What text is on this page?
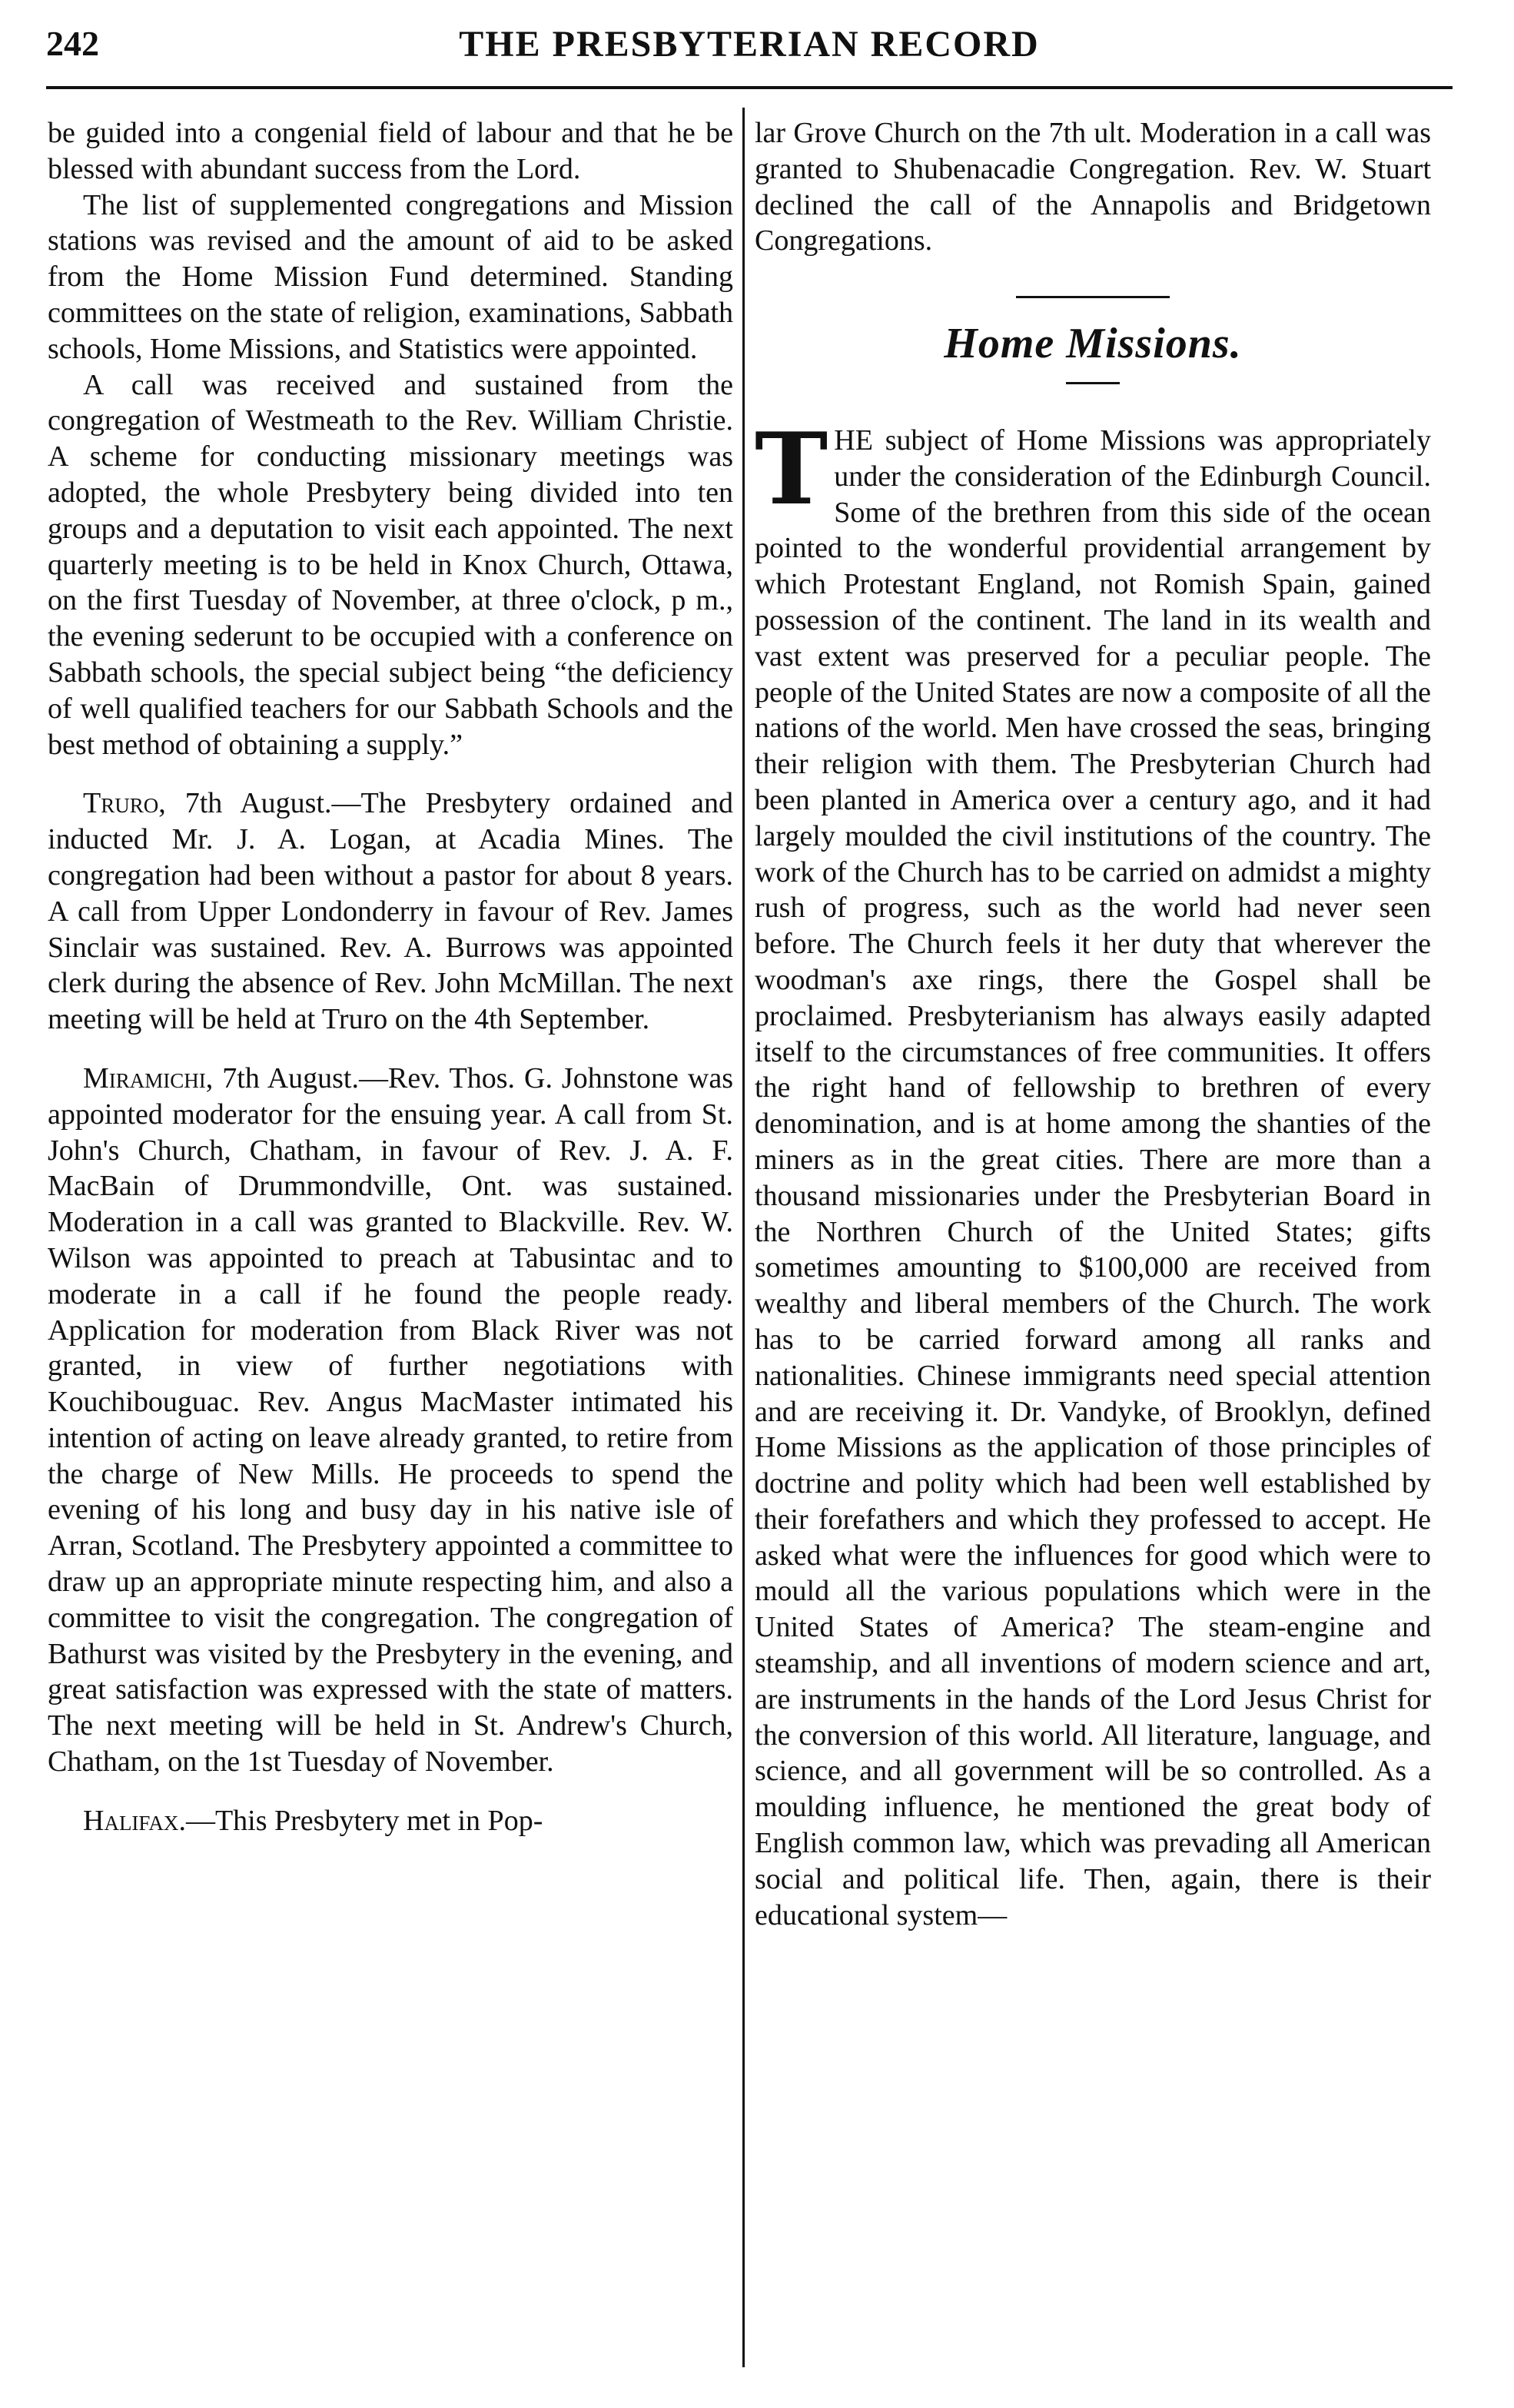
242	THE PRESBYTERIAN RECORD

be guided into a congenial field of labour and that he be blessed with abundant success from the Lord.

The list of supplemented congregations and Mission stations was revised and the amount of aid to be asked from the Home Mission Fund determined. Standing committees on the state of religion, examinations, Sabbath schools, Home Missions, and Statistics were appointed.

A call was received and sustained from the congregation of Westmeath to the Rev. William Christie. A scheme for conducting missionary meetings was adopted, the whole Presbytery being divided into ten groups and a deputation to visit each appointed. The next quarterly meeting is to be held in Knox Church, Ottawa, on the first Tuesday of November, at three o'clock, p m., the evening sederunt to be occupied with a conference on Sabbath schools, the special subject being “the deficiency of well qualified teachers for our Sabbath Schools and the best method of obtaining a supply.”

Truro, 7th August.—The Presbytery ordained and inducted Mr. J. A. Logan, at Acadia Mines. The congregation had been without a pastor for about 8 years. A call from Upper Londonderry in favour of Rev. James Sinclair was sustained. Rev. A. Burrows was appointed clerk during the absence of Rev. John McMillan. The next meeting will be held at Truro on the 4th September.

Miramichi, 7th August.—Rev. Thos. G. Johnstone was appointed moderator for the ensuing year. A call from St. John's Church, Chatham, in favour of Rev. J. A. F. MacBain of Drummondville, Ont. was sustained. Moderation in a call was granted to Blackville. Rev. W. Wilson was appointed to preach at Tabusintac and to moderate in a call if he found the people ready. Application for moderation from Black River was not granted, in view of further negotiations with Kouchibouguac. Rev. Angus MacMaster intimated his intention of acting on leave already granted, to retire from the charge of New Mills. He proceeds to spend the evening of his long and busy day in his native isle of Arran, Scotland. The Presbytery appointed a committee to draw up an appropriate minute respecting him, and also a committee to visit the congregation. The congregation of Bathurst was visited by the Presbytery in the evening, and great satisfaction was expressed with the state of matters. The next meeting will be held in St. Andrew's Church, Chatham, on the 1st Tuesday of November.

Halifax.—This Presbytery met in Pop-

lar Grove Church on the 7th ult. Moderation in a call was granted to Shubenacadie Congregation. Rev. W. Stuart declined the call of the Annapolis and Bridgetown Congregations.

Home Missions.

THE subject of Home Missions was appropriately under the consideration of the Edinburgh Council. Some of the brethren from this side of the ocean pointed to the wonderful providential arrangement by which Protestant England, not Romish Spain, gained possession of the continent. The land in its wealth and vast extent was preserved for a peculiar people. The people of the United States are now a composite of all the nations of the world. Men have crossed the seas, bringing their religion with them. The Presbyterian Church had been planted in America over a century ago, and it had largely moulded the civil institutions of the country. The work of the Church has to be carried on admidst a mighty rush of progress, such as the world had never seen before. The Church feels it her duty that wherever the woodman's axe rings, there the Gospel shall be proclaimed. Presbyterianism has always easily adapted itself to the circumstances of free communities. It offers the right hand of fellowship to brethren of every denomination, and is at home among the shanties of the miners as in the great cities. There are more than a thousand missionaries under the Presbyterian Board in the Northren Church of the United States; gifts sometimes amounting to $100,000 are received from wealthy and liberal members of the Church. The work has to be carried forward among all ranks and nationalities. Chinese immigrants need special attention and are receiving it. Dr. Vandyke, of Brooklyn, defined Home Missions as the application of those principles of doctrine and polity which had been well established by their forefathers and which they professed to accept. He asked what were the influences for good which were to mould all the various populations which were in the United States of America? The steam-engine and steamship, and all inventions of modern science and art, are instruments in the hands of the Lord Jesus Christ for the conversion of this world. All literature, language, and science, and all government will be so controlled. As a moulding influence, he mentioned the great body of English common law, which was prevading all American social and political life. Then, again, there is their educational system—
